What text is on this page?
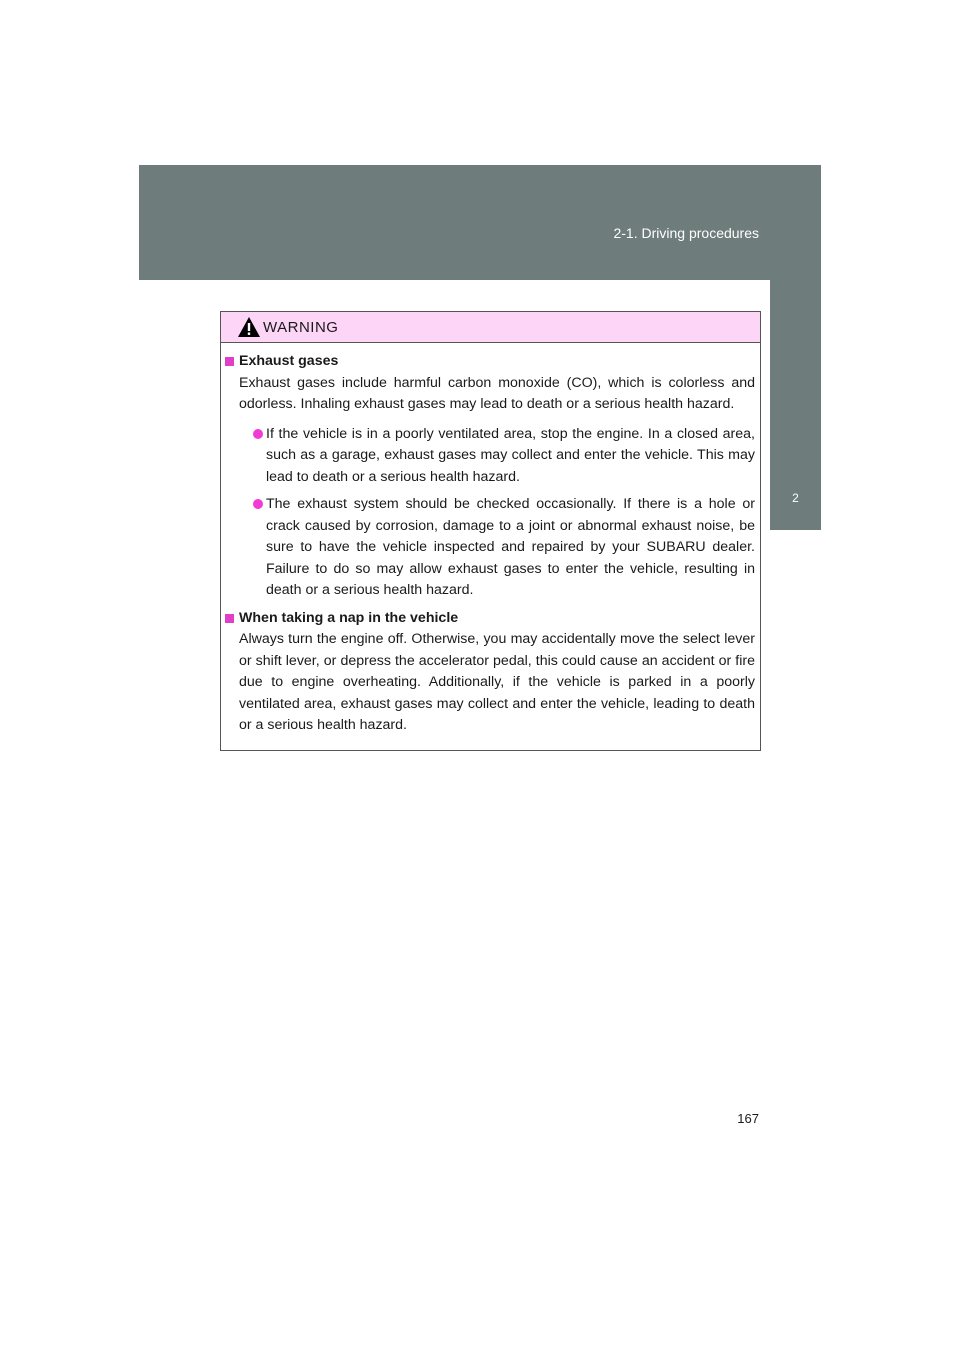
2-1. Driving procedures
2
When driving
WARNING

Exhaust gases

Exhaust gases include harmful carbon monoxide (CO), which is colorless and odorless. Inhaling exhaust gases may lead to death or a serious health hazard.

If the vehicle is in a poorly ventilated area, stop the engine. In a closed area, such as a garage, exhaust gases may collect and enter the vehicle. This may lead to death or a serious health hazard.
The exhaust system should be checked occasionally. If there is a hole or crack caused by corrosion, damage to a joint or abnormal exhaust noise, be sure to have the vehicle inspected and repaired by your SUBARU dealer. Failure to do so may allow exhaust gases to enter the vehicle, resulting in death or a serious health hazard.

When taking a nap in the vehicle

Always turn the engine off. Otherwise, you may accidentally move the select lever or shift lever, or depress the accelerator pedal, this could cause an accident or fire due to engine overheating. Additionally, if the vehicle is parked in a poorly ventilated area, exhaust gases may collect and enter the vehicle, leading to death or a serious health hazard.

167
